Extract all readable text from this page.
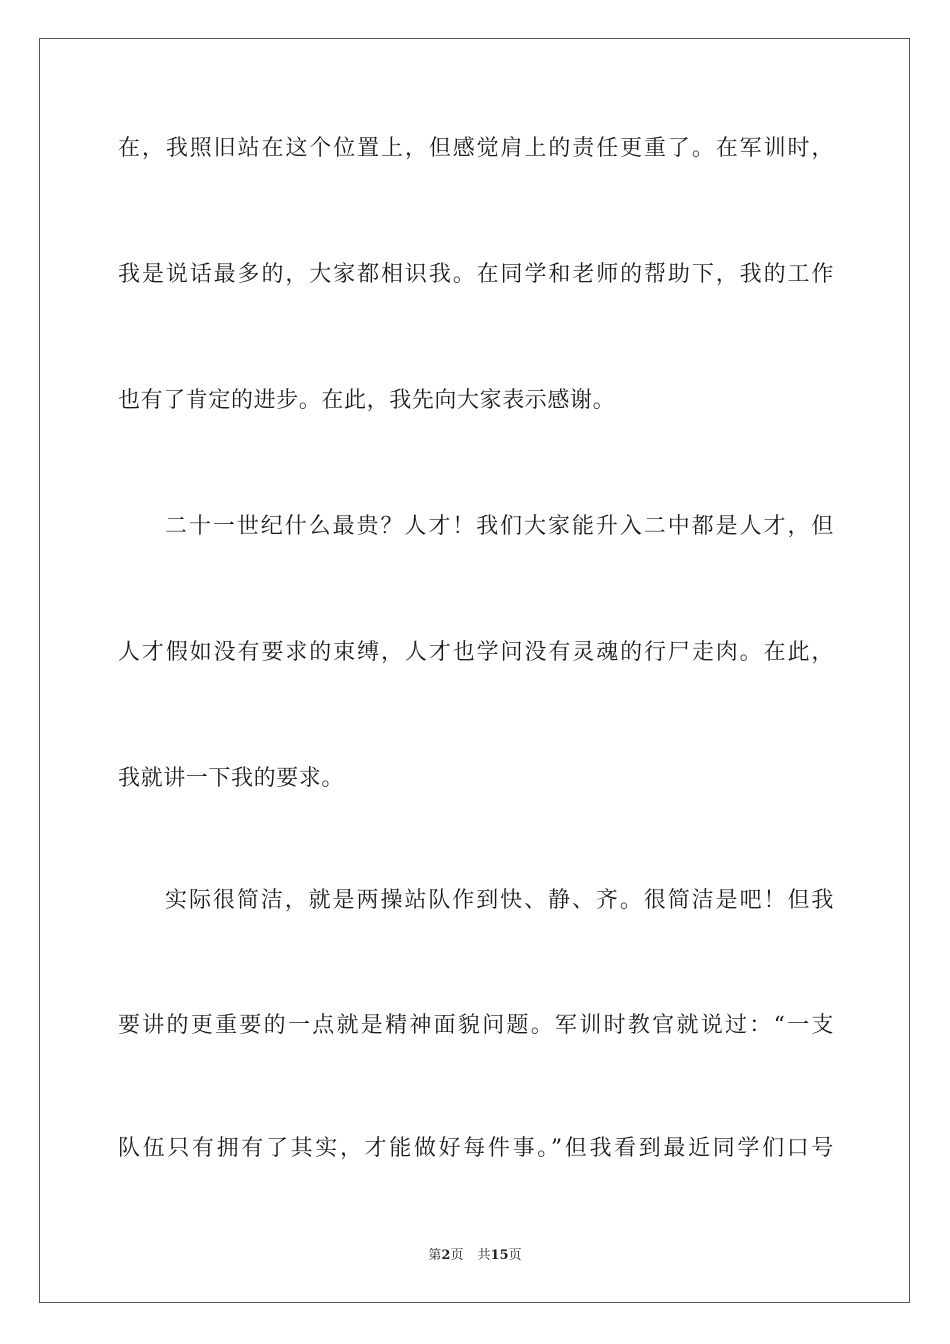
在，我照旧站在这个位置上，但感觉肩上的责任更重了。在军训时，
我是说话最多的，大家都相识我。在同学和老师的帮助下，我的工作
也有了肯定的进步。在此，我先向大家表示感谢。
二十一世纪什么最贵？人才！我们大家能升入二中都是人才，但
人才假如没有要求的束缚，人才也学问没有灵魂的行尸走肉。在此，
我就讲一下我的要求。
实际很简洁，就是两操站队作到快、静、齐。很简洁是吧！但我
要讲的更重要的一点就是精神面貌问题。军训时教官就说过：“一支
队伍只有拥有了其实，才能做好每件事。”但我看到最近同学们口号
第2页 共15页
